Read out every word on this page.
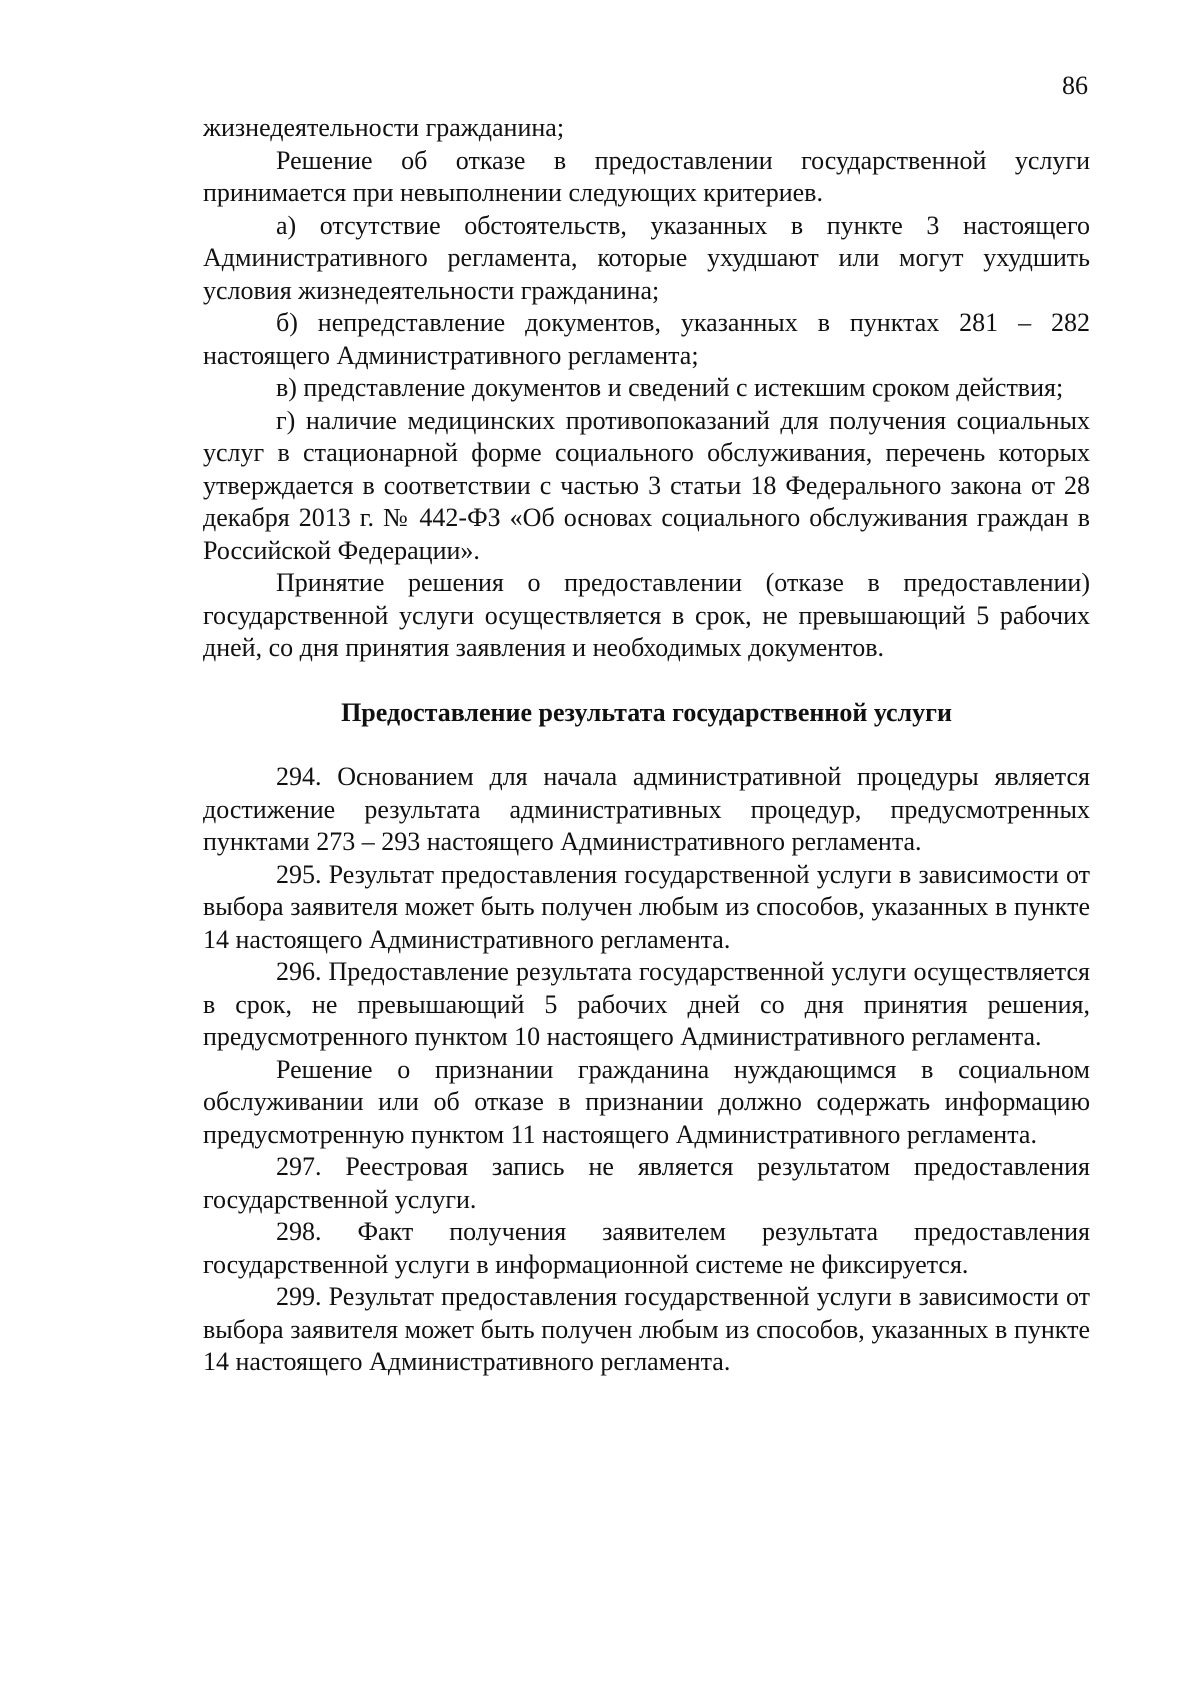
86

жизнедеятельности гражданина;

Решение об отказе в предоставлении государственной услуги принимается при невыполнении следующих критериев.

а) отсутствие обстоятельств, указанных в пункте 3 настоящего Административного регламента, которые ухудшают или могут ухудшить условия жизнедеятельности гражданина;

б) непредставление документов, указанных в пунктах 281 – 282 настоящего Административного регламента;

в) представление документов и сведений с истекшим сроком действия;

г) наличие медицинских противопоказаний для получения социальных услуг в стационарной форме социального обслуживания, перечень которых утверждается в соответствии с частью 3 статьи 18 Федерального закона от 28 декабря 2013 г. № 442-ФЗ «Об основах социального обслуживания граждан в Российской Федерации».

Принятие решения о предоставлении (отказе в предоставлении) государственной услуги осуществляется в срок, не превышающий 5 рабочих дней, со дня принятия заявления и необходимых документов.

Предоставление результата государственной услуги

294. Основанием для начала административной процедуры является достижение результата административных процедур, предусмотренных пунктами 273 – 293 настоящего Административного регламента.

295. Результат предоставления государственной услуги в зависимости от выбора заявителя может быть получен любым из способов, указанных в пункте 14 настоящего Административного регламента.

296. Предоставление результата государственной услуги осуществляется в срок, не превышающий 5 рабочих дней со дня принятия решения, предусмотренного пунктом 10 настоящего Административного регламента.

Решение о признании гражданина нуждающимся в социальном обслуживании или об отказе в признании должно содержать информацию предусмотренную пунктом 11 настоящего Административного регламента.

297. Реестровая запись не является результатом предоставления государственной услуги.

298. Факт получения заявителем результата предоставления государственной услуги в информационной системе не фиксируется.

299. Результат предоставления государственной услуги в зависимости от выбора заявителя может быть получен любым из способов, указанных в пункте 14 настоящего Административного регламента.
